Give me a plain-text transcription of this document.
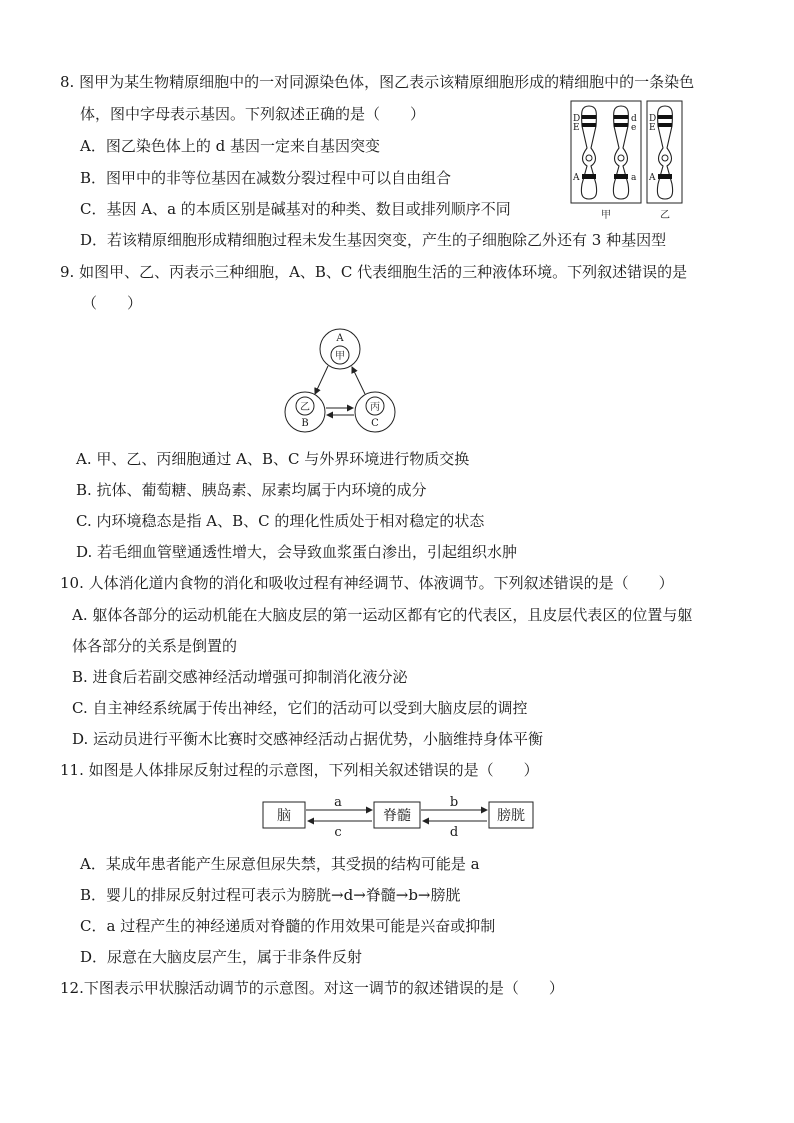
8. 图甲为某生物精原细胞中的一对同源染色体，图乙表示该精原细胞形成的精细胞中的一条染色
体，图中字母表示基因。下列叙述正确的是（　　）
A．图乙染色体上的 d 基因一定来自基因突变
B．图甲中的非等位基因在减数分裂过程中可以自由组合
C．基因 A、a 的本质区别是碱基对的种类、数目或排列顺序不同
D．若该精原细胞形成精细胞过程未发生基因突变，产生的子细胞除乙外还有 3 种基因型
D
E
A
d
e
a
D
E
A
甲	乙
9. 如图甲、乙、丙表示三种细胞，A、B、C 代表细胞生活的三种液体环境。下列叙述错误的是
（　　）
A
甲
乙
B
丙
C
A. 甲、乙、丙细胞通过 A、B、C 与外界环境进行物质交换
B. 抗体、葡萄糖、胰岛素、尿素均属于内环境的成分
C. 内环境稳态是指 A、B、C 的理化性质处于相对稳定的状态
D. 若毛细血管壁通透性增大，会导致血浆蛋白渗出，引起组织水肿
10. 人体消化道内食物的消化和吸收过程有神经调节、体液调节。下列叙述错误的是（　　）
A. 躯体各部分的运动机能在大脑皮层的第一运动区都有它的代表区，且皮层代表区的位置与躯
体各部分的关系是倒置的
B. 进食后若副交感神经活动增强可抑制消化液分泌
C. 自主神经系统属于传出神经，它们的活动可以受到大脑皮层的调控
D. 运动员进行平衡木比赛时交感神经活动占据优势，小脑维持身体平衡
11. 如图是人体排尿反射过程的示意图，下列相关叙述错误的是（　　）
脑	脊髓	膀胱
a
c
b
d
A．某成年患者能产生尿意但尿失禁，其受损的结构可能是 a
B．婴儿的排尿反射过程可表示为膀胱→d→脊髓→b→膀胱
C．a 过程产生的神经递质对脊髓的作用效果可能是兴奋或抑制
D．尿意在大脑皮层产生，属于非条件反射
12.下图表示甲状腺活动调节的示意图。对这一调节的叙述错误的是（　　）
